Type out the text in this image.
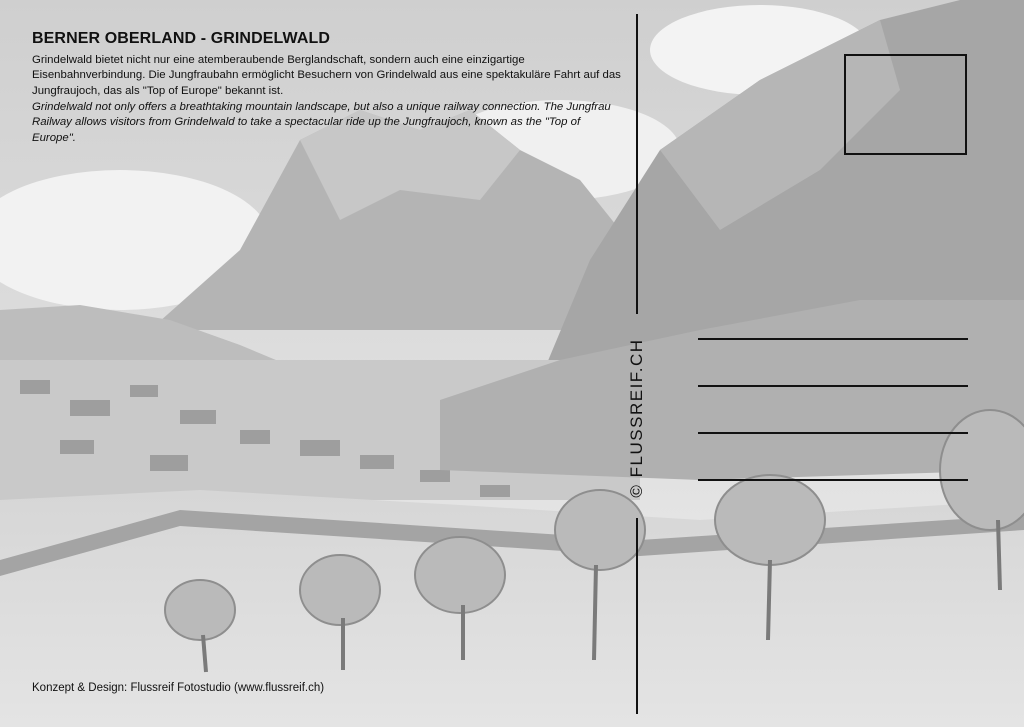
BERNER OBERLAND - GRINDELWALD
Grindelwald bietet nicht nur eine atemberaubende Berglandschaft, sondern auch eine einzigartige Eisenbahnverbindung. Die Jungfraubahn ermöglicht Besuchern von Grindelwald aus eine spektakuläre Fahrt auf das Jungfraujoch, das als "Top of Europe" bekannt ist.
Grindelwald not only offers a breathtaking mountain landscape, but also a unique railway connection. The Jungfrau Railway allows visitors from Grindelwald to take a spectacular ride up the Jungfraujoch, known as the "Top of Europe".
© FLUSSREIF.CH
Konzept & Design: Flussreif Fotostudio (www.flussreif.ch)
